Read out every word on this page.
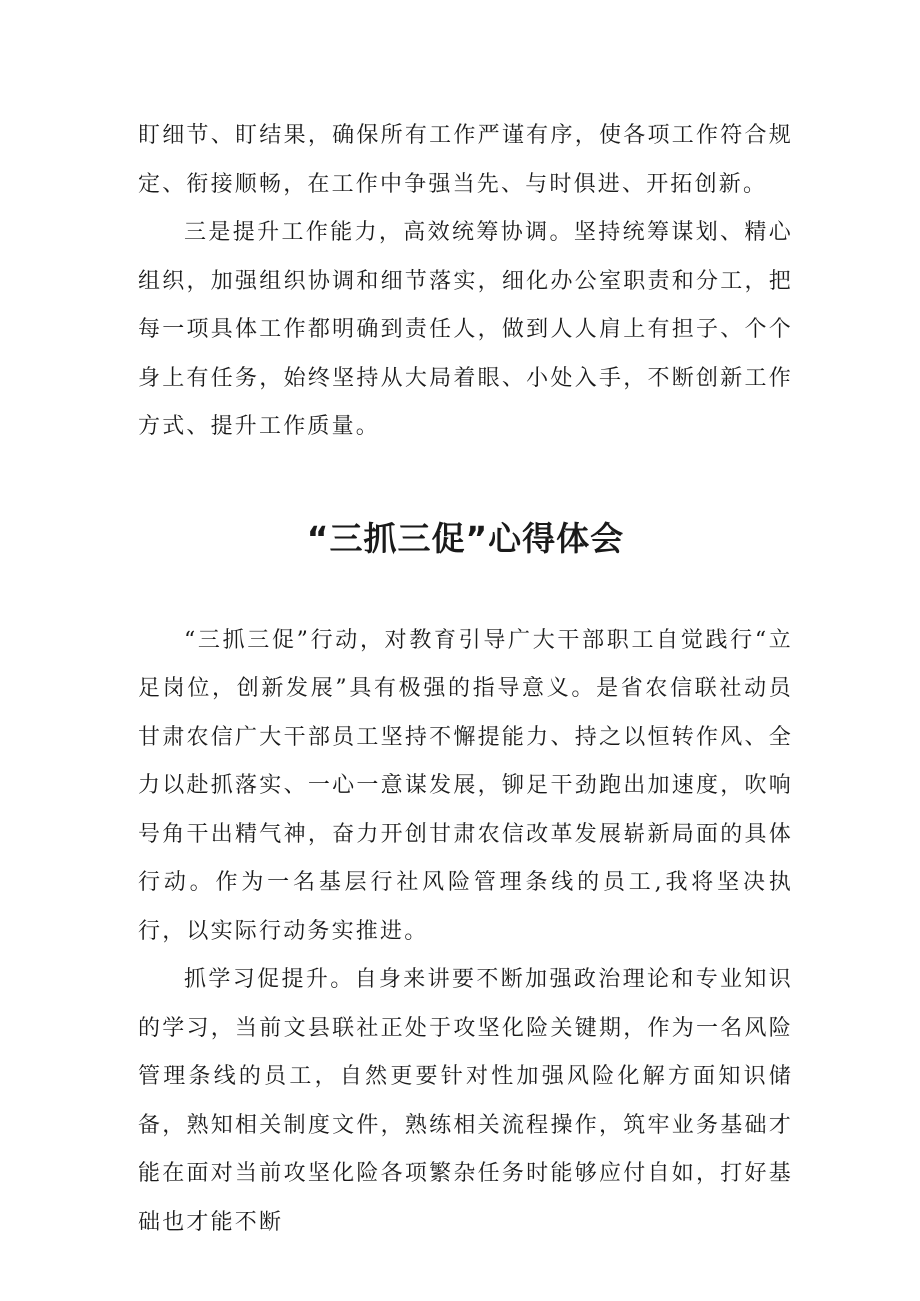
盯细节、盯结果，确保所有工作严谨有序，使各项工作符合规定、衔接顺畅，在工作中争强当先、与时俱进、开拓创新。

三是提升工作能力，高效统筹协调。坚持统筹谋划、精心组织，加强组织协调和细节落实，细化办公室职责和分工，把每一项具体工作都明确到责任人，做到人人肩上有担子、个个身上有任务，始终坚持从大局着眼、小处入手，不断创新工作方式、提升工作质量。

“三抓三促”心得体会

“三抓三促”行动，对教育引导广大干部职工自觉践行“立足岗位，创新发展”具有极强的指导意义。是省农信联社动员甘肃农信广大干部员工坚持不懈提能力、持之以恒转作风、全力以赴抓落实、一心一意谋发展，铆足干劲跑出加速度，吹响号角干出精气神，奋力开创甘肃农信改革发展崭新局面的具体行动。作为一名基层行社风险管理条线的员工,我将坚决执行，以实际行动务实推进。

抓学习促提升。自身来讲要不断加强政治理论和专业知识的学习，当前文县联社正处于攻坚化险关键期，作为一名风险管理条线的员工，自然更要针对性加强风险化解方面知识储备，熟知相关制度文件，熟练相关流程操作，筑牢业务基础才能在面对当前攻坚化险各项繁杂任务时能够应付自如，打好基础也才能不断
